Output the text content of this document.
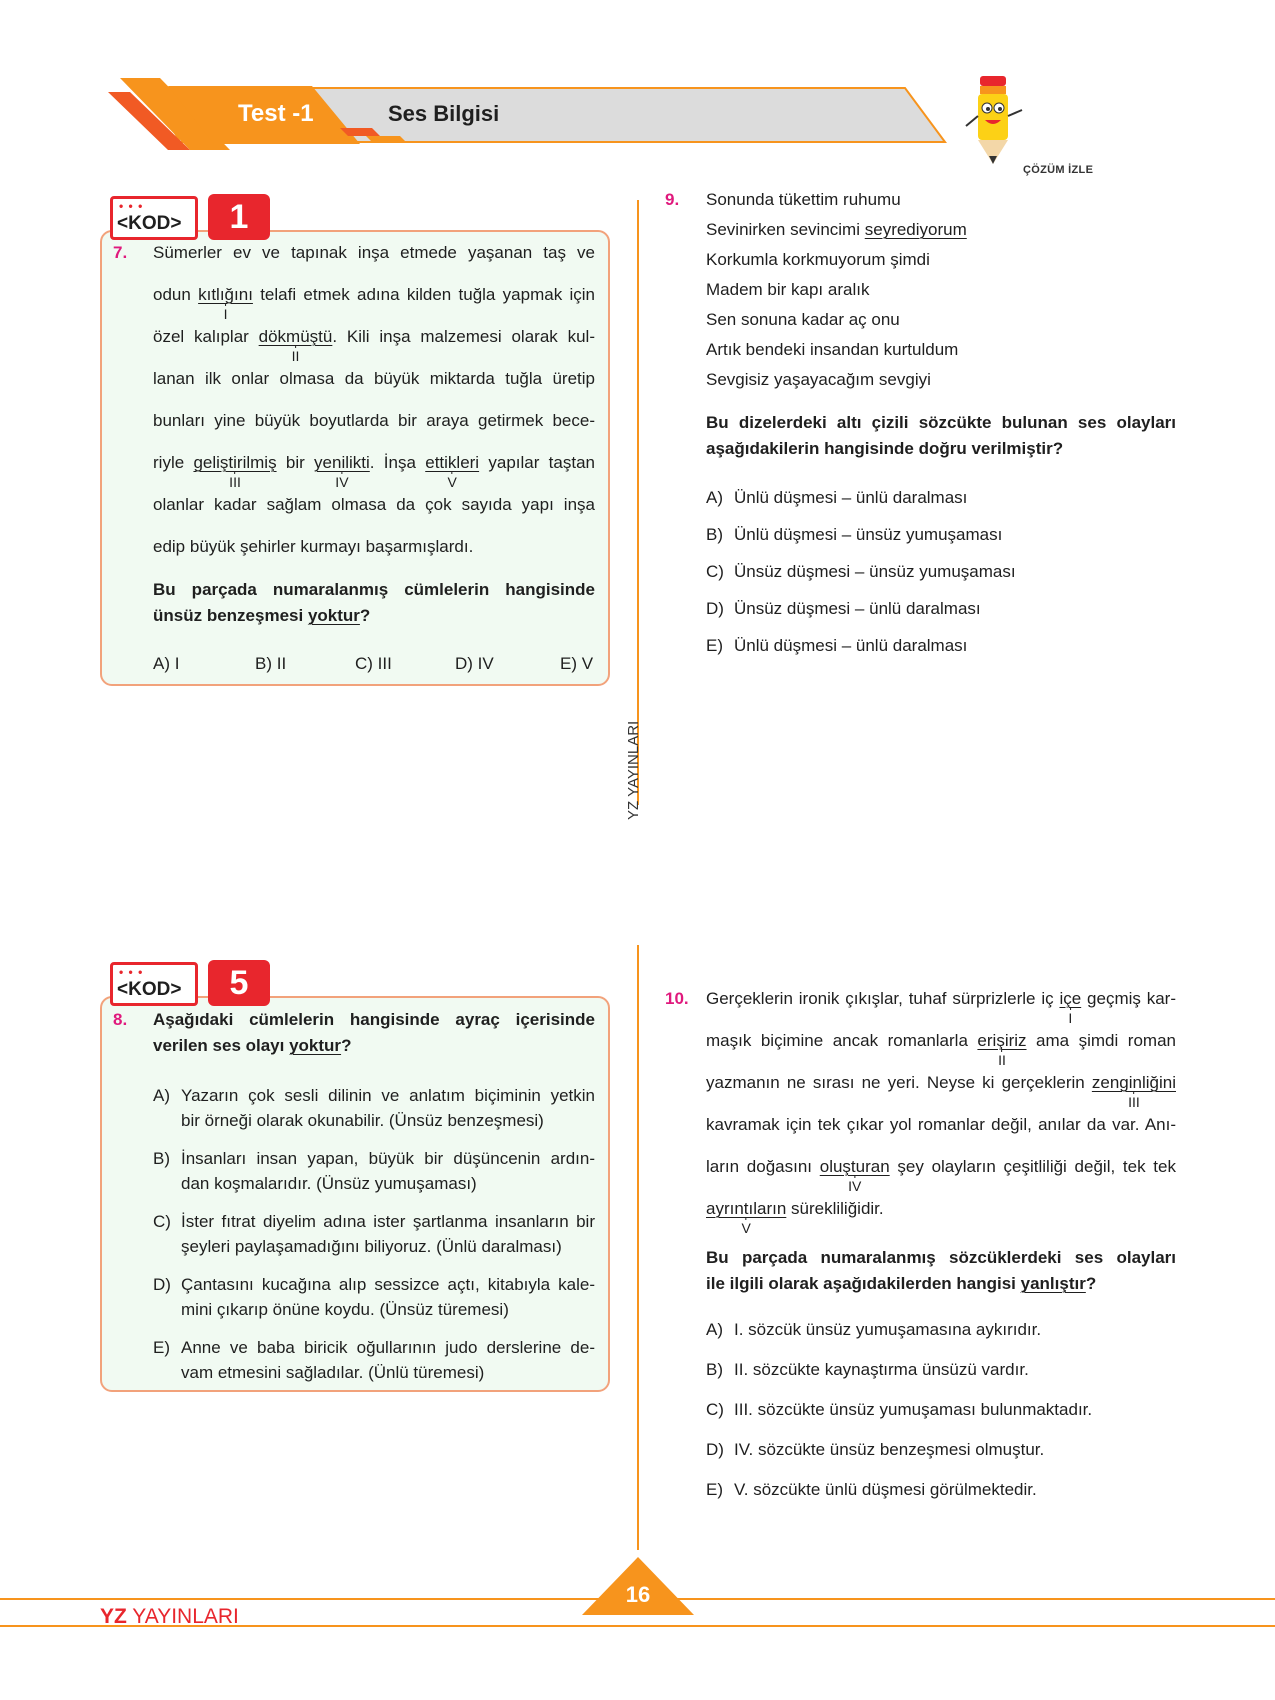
Test -1	Ses Bilgisi
ÇÖZÜM İZLE
YZ YAYINLARI
• • •
<KOD>	1
7. Sümerler ev ve tapınak inşa etmede yaşanan taş ve
odun kıtlığını
I
telafi etmek adına kilden tuğla yapmak için
özel kalıplar dökmüştü
II
. Kili inşa malzemesi olarak kul-
lanan ilk onlar olmasa da büyük miktarda tuğla üretip
bunları yine büyük boyutlarda bir araya getirmek bece-
riyle geliştirilmiş
III
bir yenilikti
IV
. İnşa ettikleri
V
yapılar taştan
olanlar kadar sağlam olmasa da çok sayıda yapı inşa
edip büyük şehirler kurmayı başarmışlardı.
Bu parçada numaralanmış cümlelerin hangisinde
ünsüz benzeşmesi yoktur?
A) I	B) II	C) III	D) IV	E) V
• • •
<KOD>	5
8. Aşağıdaki cümlelerin hangisinde ayraç içerisinde
verilen ses olayı yoktur?
A) Yazarın çok sesli dilinin ve anlatım biçiminin yetkin
bir örneği olarak okunabilir. (Ünsüz benzeşmesi)
B) İnsanları insan yapan, büyük bir düşüncenin ardın-
dan koşmalarıdır. (Ünsüz yumuşaması)
C) İster fıtrat diyelim adına ister şartlanma insanların bir
şeyleri paylaşamadığını biliyoruz. (Ünlü daralması)
D) Çantasını kucağına alıp sessizce açtı, kitabıyla kale-
mini çıkarıp önüne koydu. (Ünsüz türemesi)
E) Anne ve baba biricik oğullarının judo derslerine de-
vam etmesini sağladılar. (Ünlü türemesi)
9. Sonunda tükettim ruhumu
Sevinirken sevincimi seyrediyorum
Korkumla korkmuyorum şimdi
Madem bir kapı aralık
Sen sonuna kadar aç onu
Artık bendeki insandan kurtuldum
Sevgisiz yaşayacağım sevgiyi
Bu dizelerdeki altı çizili sözcükte bulunan ses olayları
aşağıdakilerin hangisinde doğru verilmiştir?
A) Ünlü düşmesi – ünlü daralması
B) Ünlü düşmesi – ünsüz yumuşaması
C) Ünsüz düşmesi – ünsüz yumuşaması
D) Ünsüz düşmesi – ünlü daralması
E) Ünlü düşmesi – ünlü daralması
10. Gerçeklerin ironik çıkışlar, tuhaf sürprizlerle iç içe
I
geçmiş kar-
maşık biçimine ancak romanlarla erişiriz
II
ama şimdi roman
yazmanın ne sırası ne yeri. Neyse ki gerçeklerin zenginliğini
III
kavramak için tek çıkar yol romanlar değil, anılar da var. Anı-
ların doğasını oluşturan
IV
şey olayların çeşitliliği değil, tek tek
ayrıntıların
V
sürekliliğidir.
Bu parçada numaralanmış sözcüklerdeki ses olayları
ile ilgili olarak aşağıdakilerden hangisi yanlıştır?
A) I. sözcük ünsüz yumuşamasına aykırıdır.
B) II. sözcükte kaynaştırma ünsüzü vardır.
C) III. sözcükte ünsüz yumuşaması bulunmaktadır.
D) IV. sözcükte ünsüz benzeşmesi olmuştur.
E) V. sözcükte ünlü düşmesi görülmektedir.
16
YZ YAYINLARI
